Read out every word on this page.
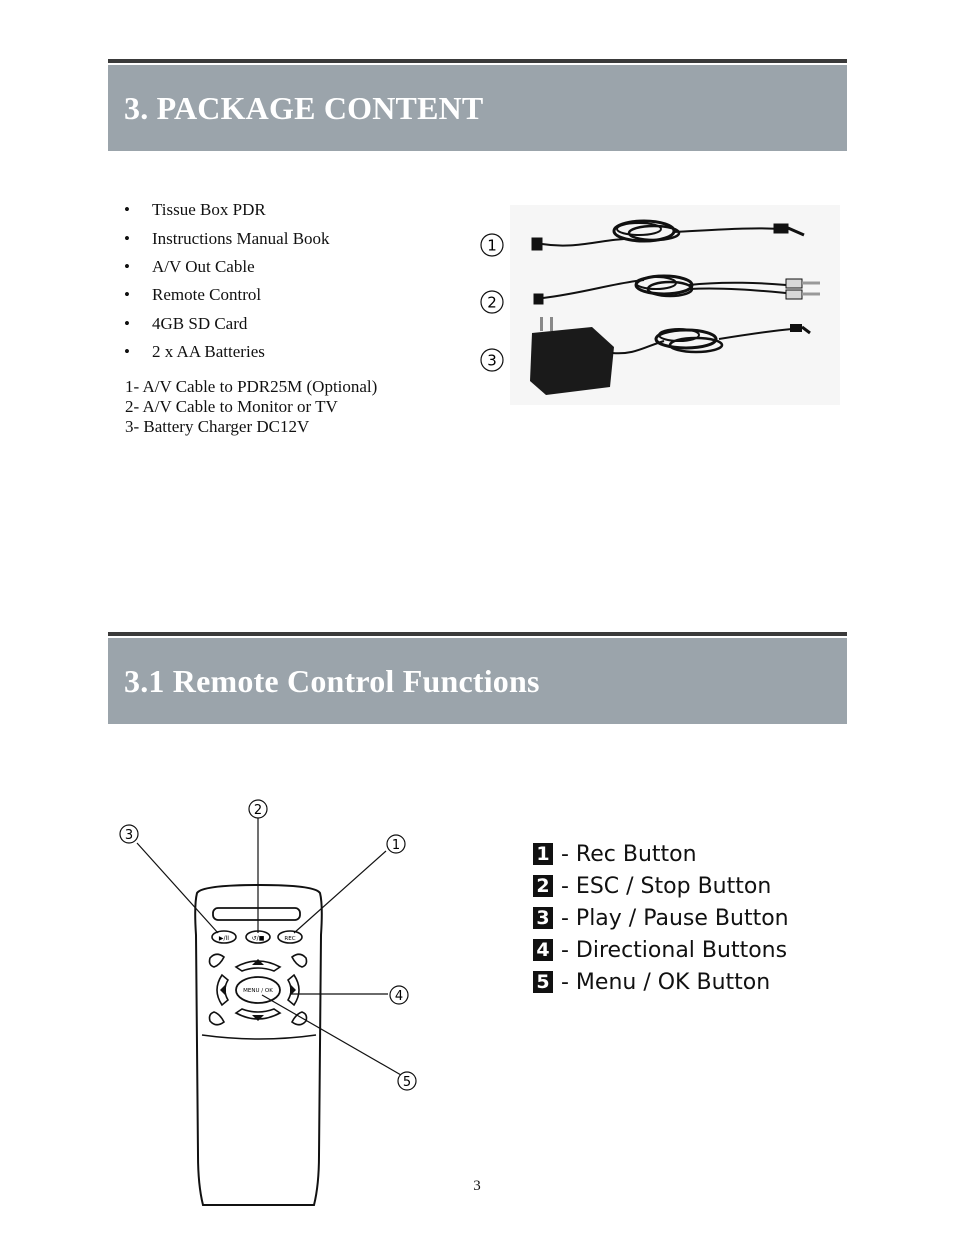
3. PACKAGE CONTENT
•	Tissue Box PDR
•	Instructions Manual Book
•	A/V Out Cable
•	Remote Control
•	4GB SD Card
•	2 x AA Batteries
1- A/V Cable to PDR25M (Optional)
2- A/V Cable to Monitor or TV
3- Battery Charger DC12V
1
2
3
3.1 Remote Control Functions
▶/II	↺/■	REC
MENU / OK
2
3
1
4
5
1 - Rec Button
2 - ESC / Stop Button
3 - Play / Pause Button
4 - Directional Buttons
5 - Menu / OK Button
3
